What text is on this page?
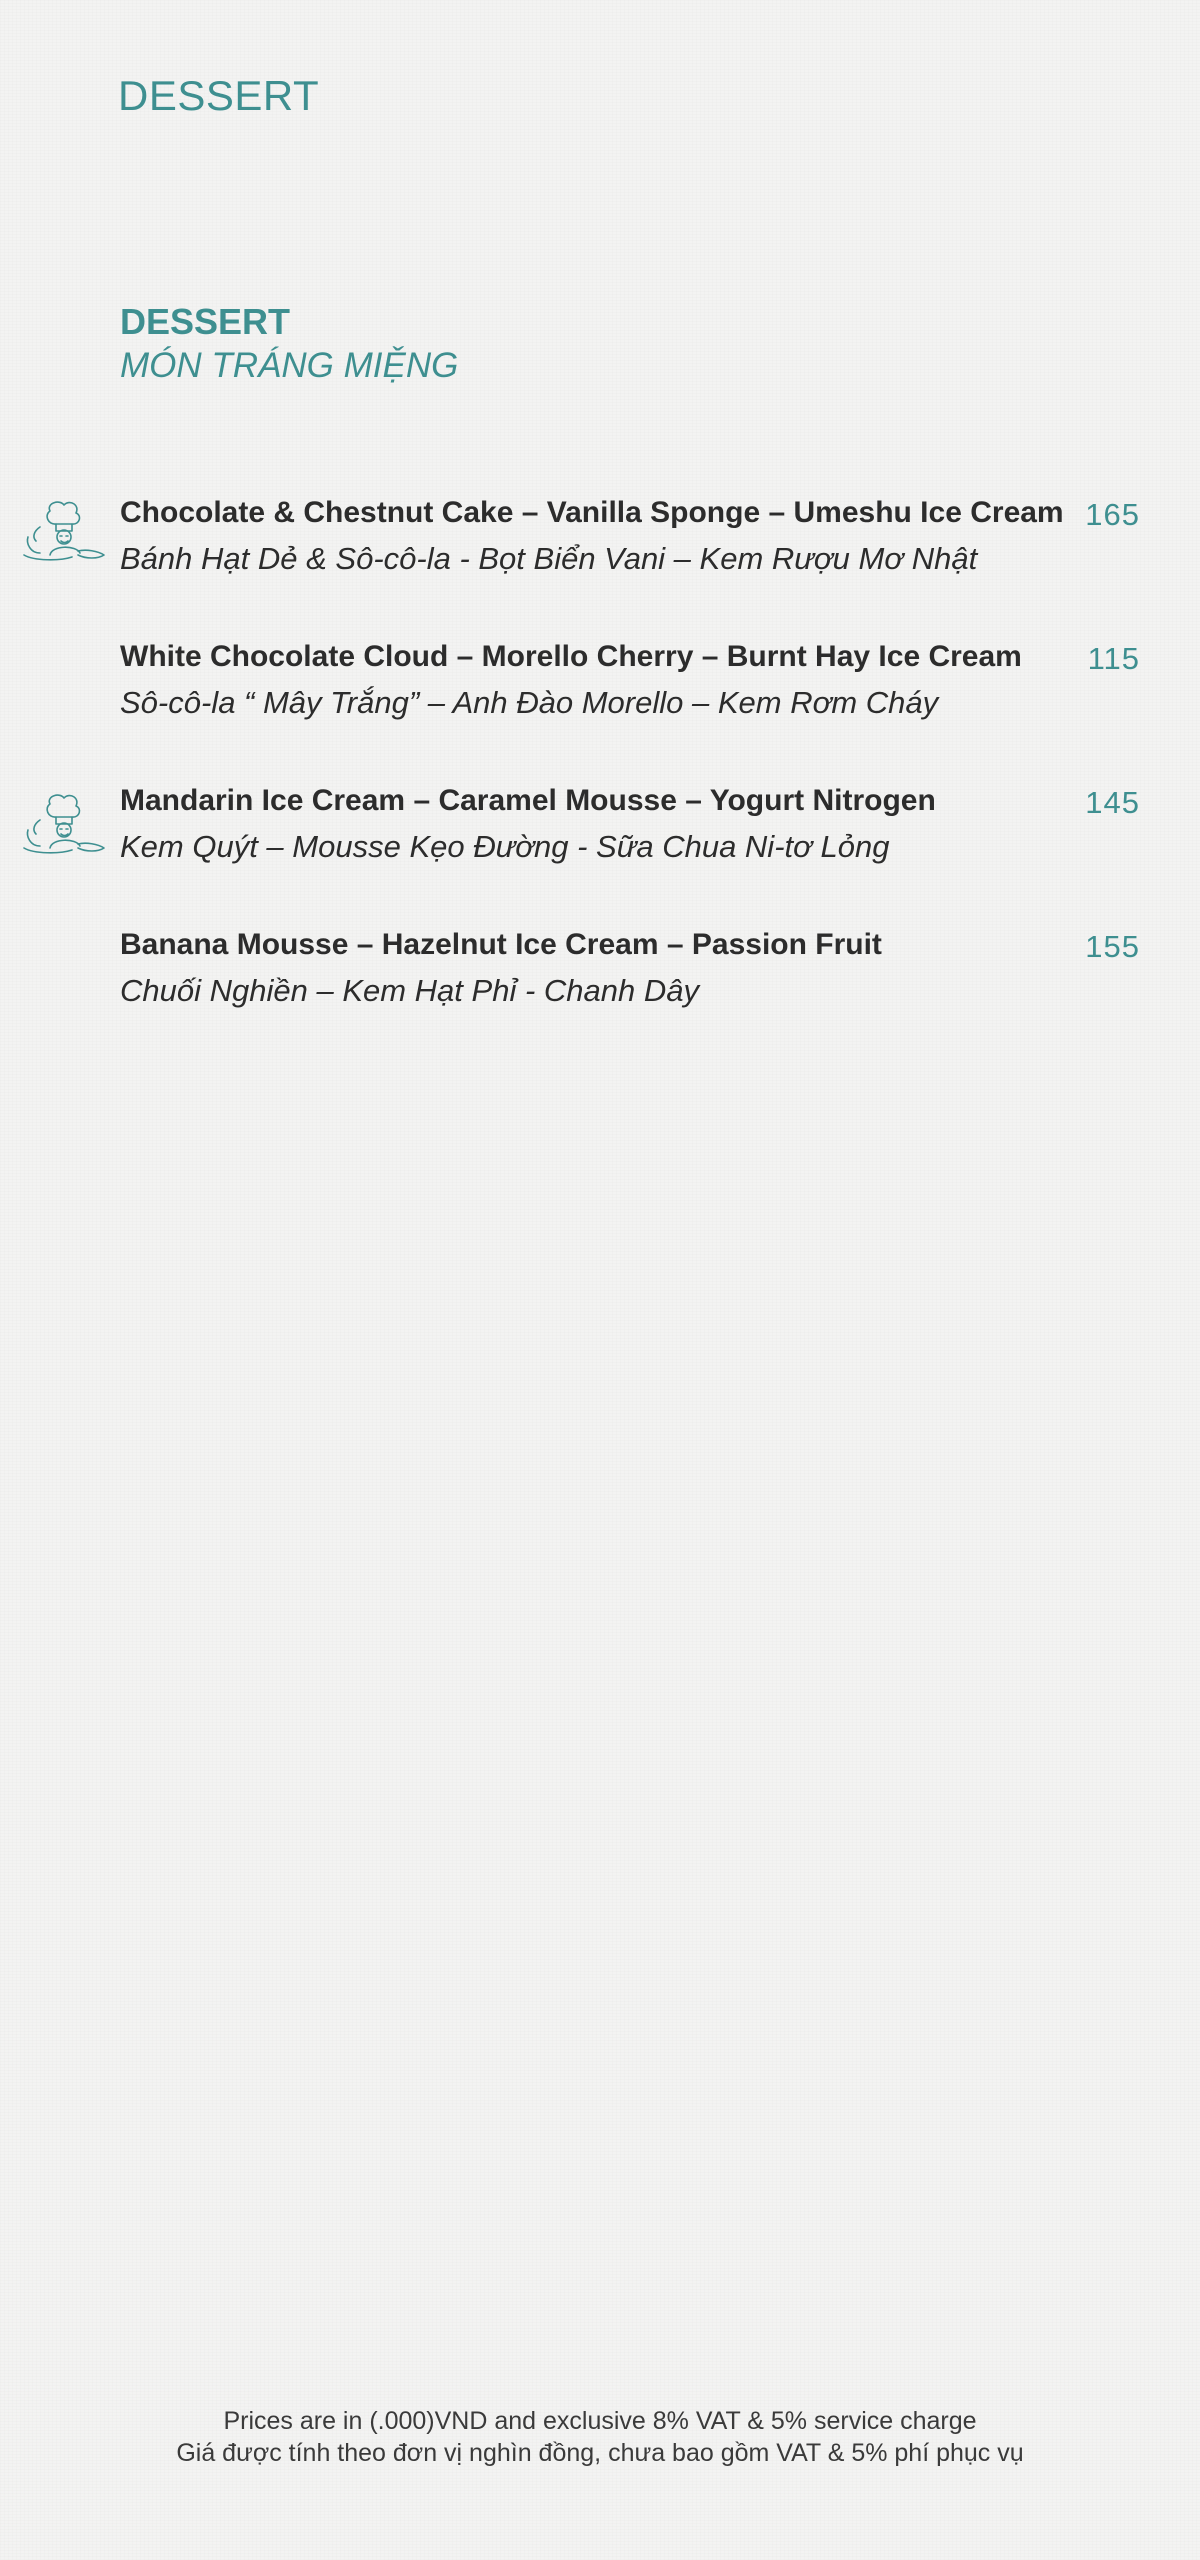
DESSERT
DESSERT
MÓN TRÁNG MIỆNG
Chocolate & Chestnut Cake – Vanilla Sponge – Umeshu Ice Cream
Bánh Hạt Dẻ & Sô-cô-la - Bọt Biển Vani – Kem Rượu Mơ Nhật
165
White Chocolate Cloud – Morello Cherry – Burnt Hay Ice Cream
Sô-cô-la “ Mây Trắng” – Anh Đào Morello – Kem Rơm Cháy
115
Mandarin Ice Cream – Caramel Mousse – Yogurt Nitrogen
Kem Quýt – Mousse Kẹo Đường - Sữa Chua Ni-tơ Lỏng
145
Banana Mousse – Hazelnut Ice Cream – Passion Fruit
Chuối Nghiền – Kem Hạt Phỉ - Chanh Dây
155
Prices are in (.000)VND and exclusive 8% VAT & 5% service charge
Giá được tính theo đơn vị nghìn đồng, chưa bao gồm VAT & 5% phí phục vụ
